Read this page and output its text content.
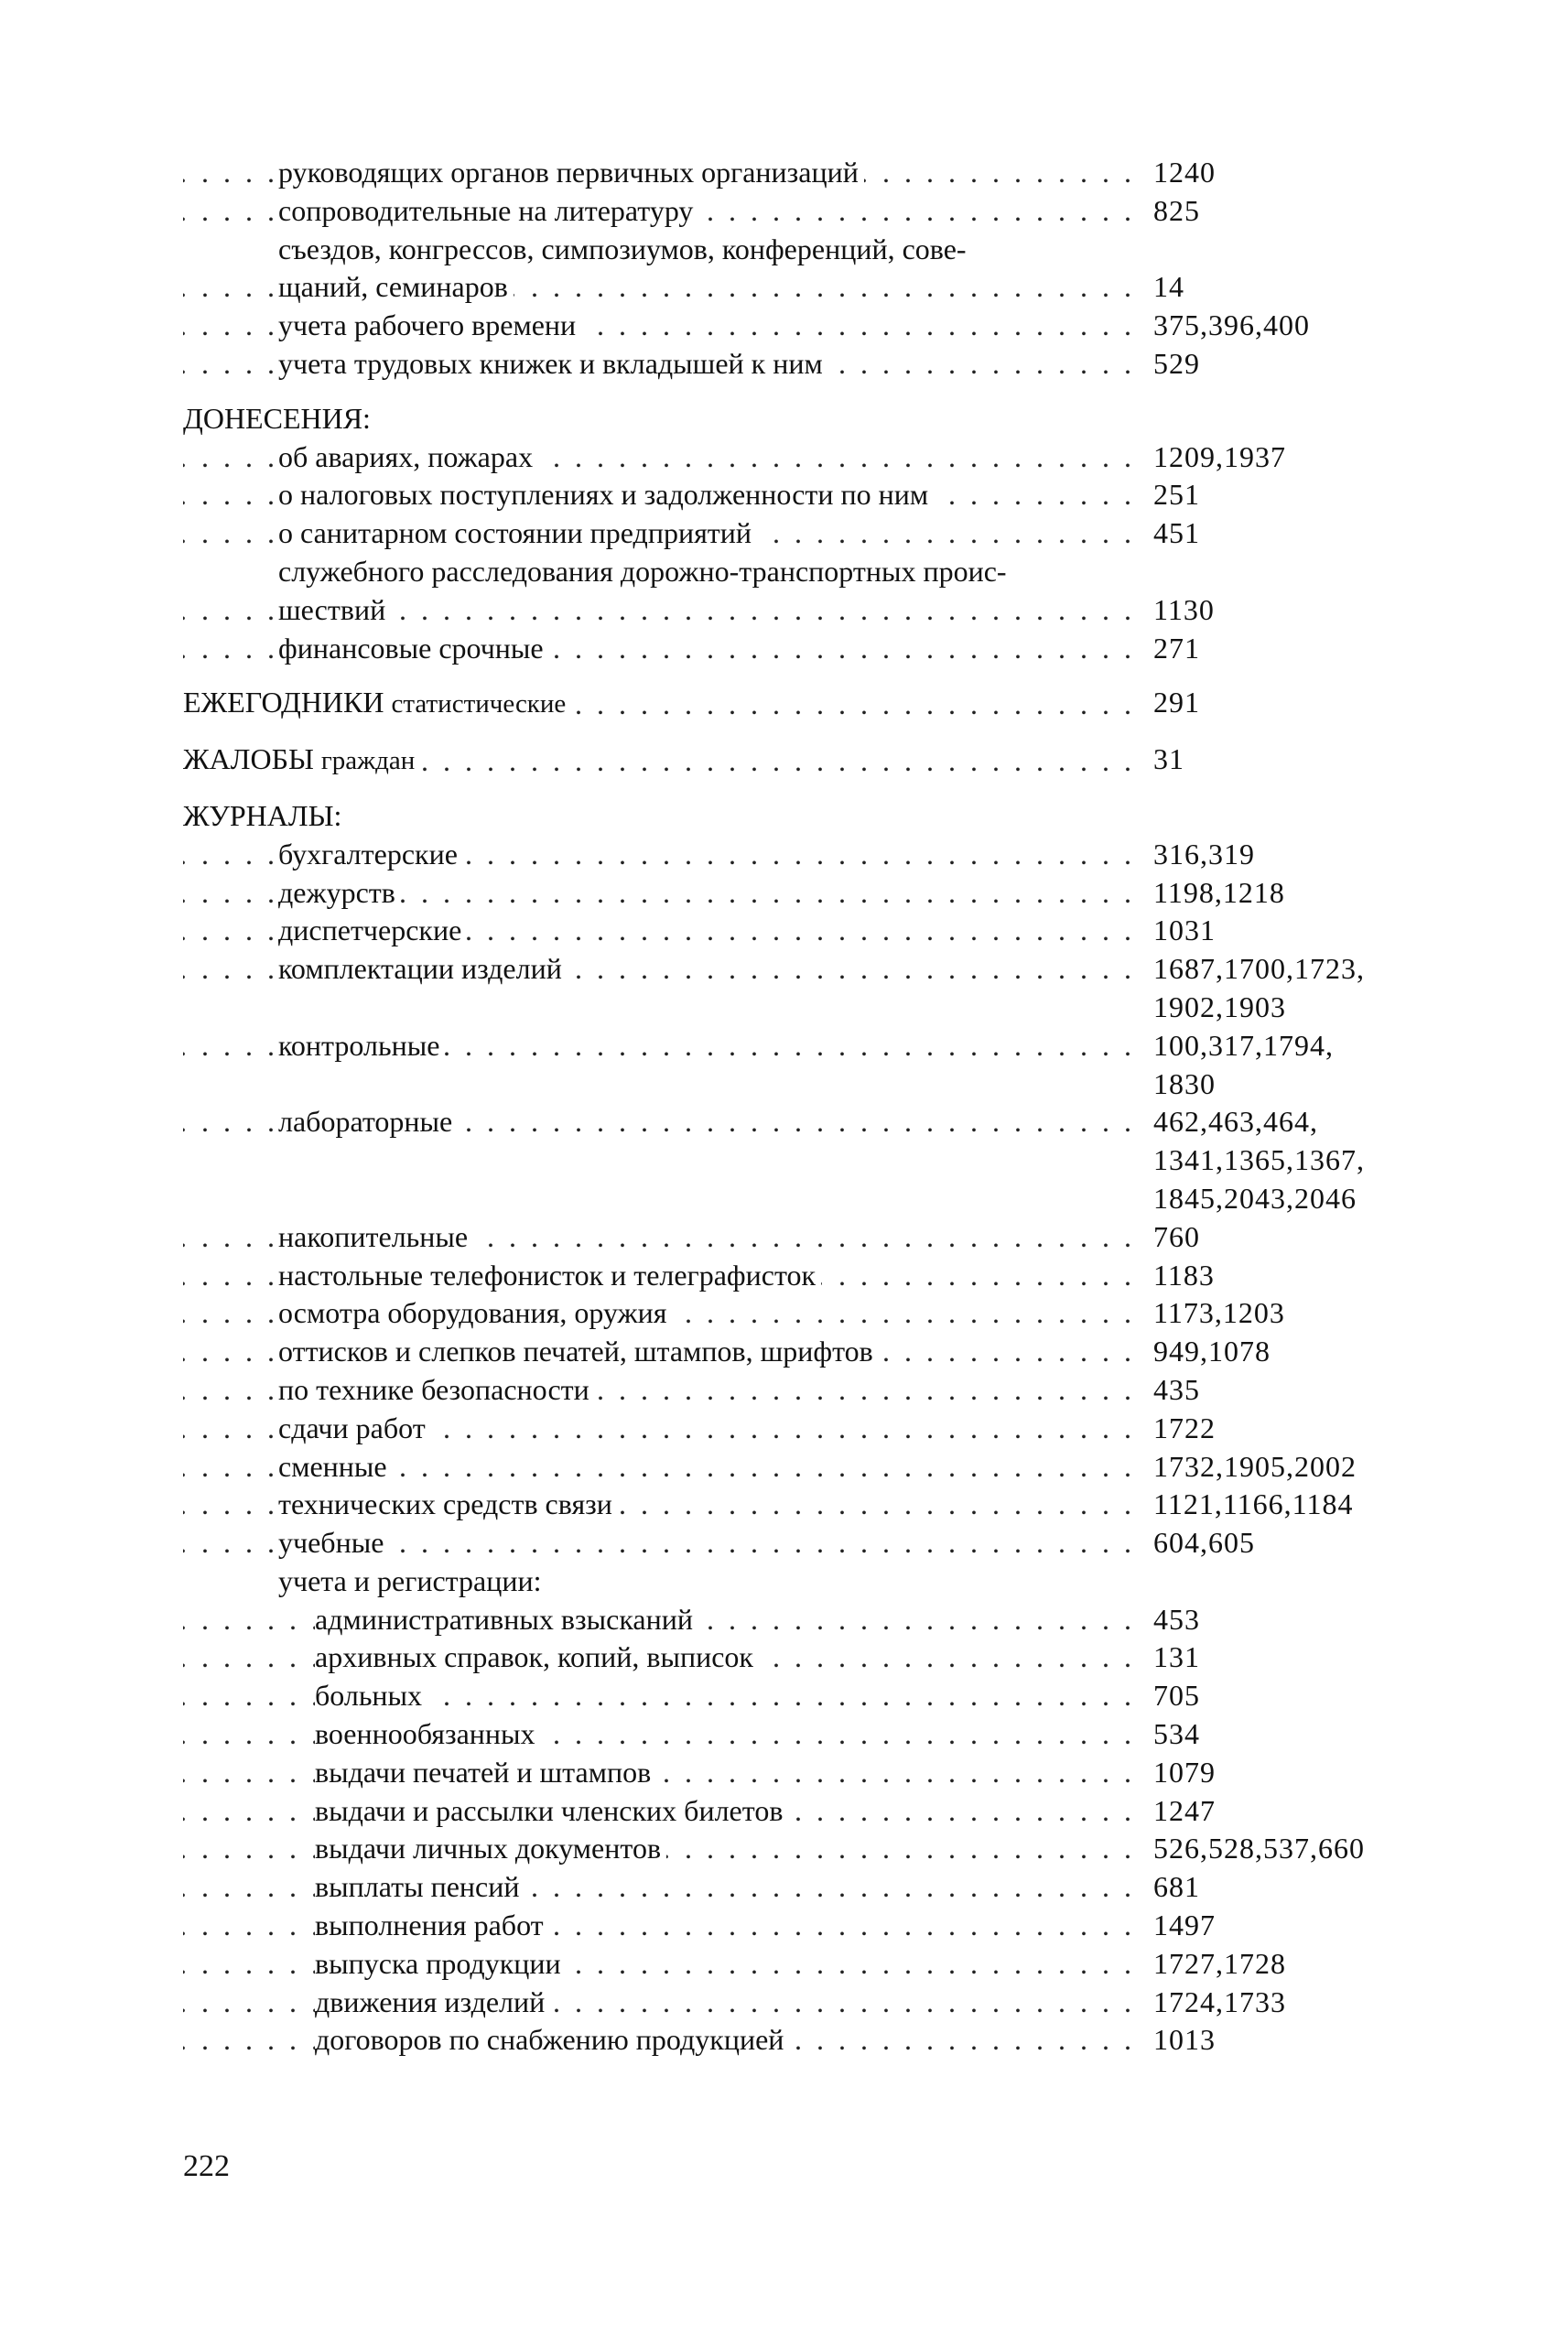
руководящих органов первичных организаций . . .	1240
сопроводительные на литературу . . .	825
съездов, конгрессов, симпозиумов, конференций, сове-
щаний, семинаров . . .	14
учета рабочего времени . . .	375,396,400
учета трудовых книжек и вкладышей к ним . . .	529
ДОНЕСЕНИЯ:
об авариях, пожарах . . .	1209,1937
о налоговых поступлениях и задолженности по ним . . .	251
о санитарном состоянии предприятий . . .	451
служебного расследования дорожно-транспортных проис-
шествий . . .	1130
финансовые срочные . . .	271
ЕЖЕГОДНИКИ статистические . . .	291
ЖАЛОБЫ граждан . . .	31
ЖУРНАЛЫ:
бухгалтерские . . .	316,319
дежурств . . .	1198,1218
диспетчерские . . .	1031
комплектации изделий . . .	1687,1700,1723,
1902,1903
контрольные . . .	100,317,1794,
1830
лабораторные . . .	462,463,464,
1341,1365,1367,
1845,2043,2046
накопительные . . .	760
настольные телефонисток и телеграфисток . . .	1183
осмотра оборудования, оружия . . .	1173,1203
оттисков и слепков печатей, штампов, шрифтов . . .	949,1078
по технике безопасности . . .	435
сдачи работ . . .	1722
сменные . . .	1732,1905,2002
технических средств связи . . .	1121,1166,1184
учебные . . .	604,605
учета и регистрации:
административных взысканий . . .	453
архивных справок, копий, выписок . . .	131
больных . . .	705
военнообязанных . . .	534
выдачи печатей и штампов . . .	1079
выдачи и рассылки членских билетов . . .	1247
выдачи личных документов . . .	526,528,537,660
выплаты пенсий . . .	681
выполнения работ . . .	1497
выпуска продукции . . .	1727,1728
движения изделий . . .	1724,1733
договоров по снабжению продукцией . . .	1013
222
